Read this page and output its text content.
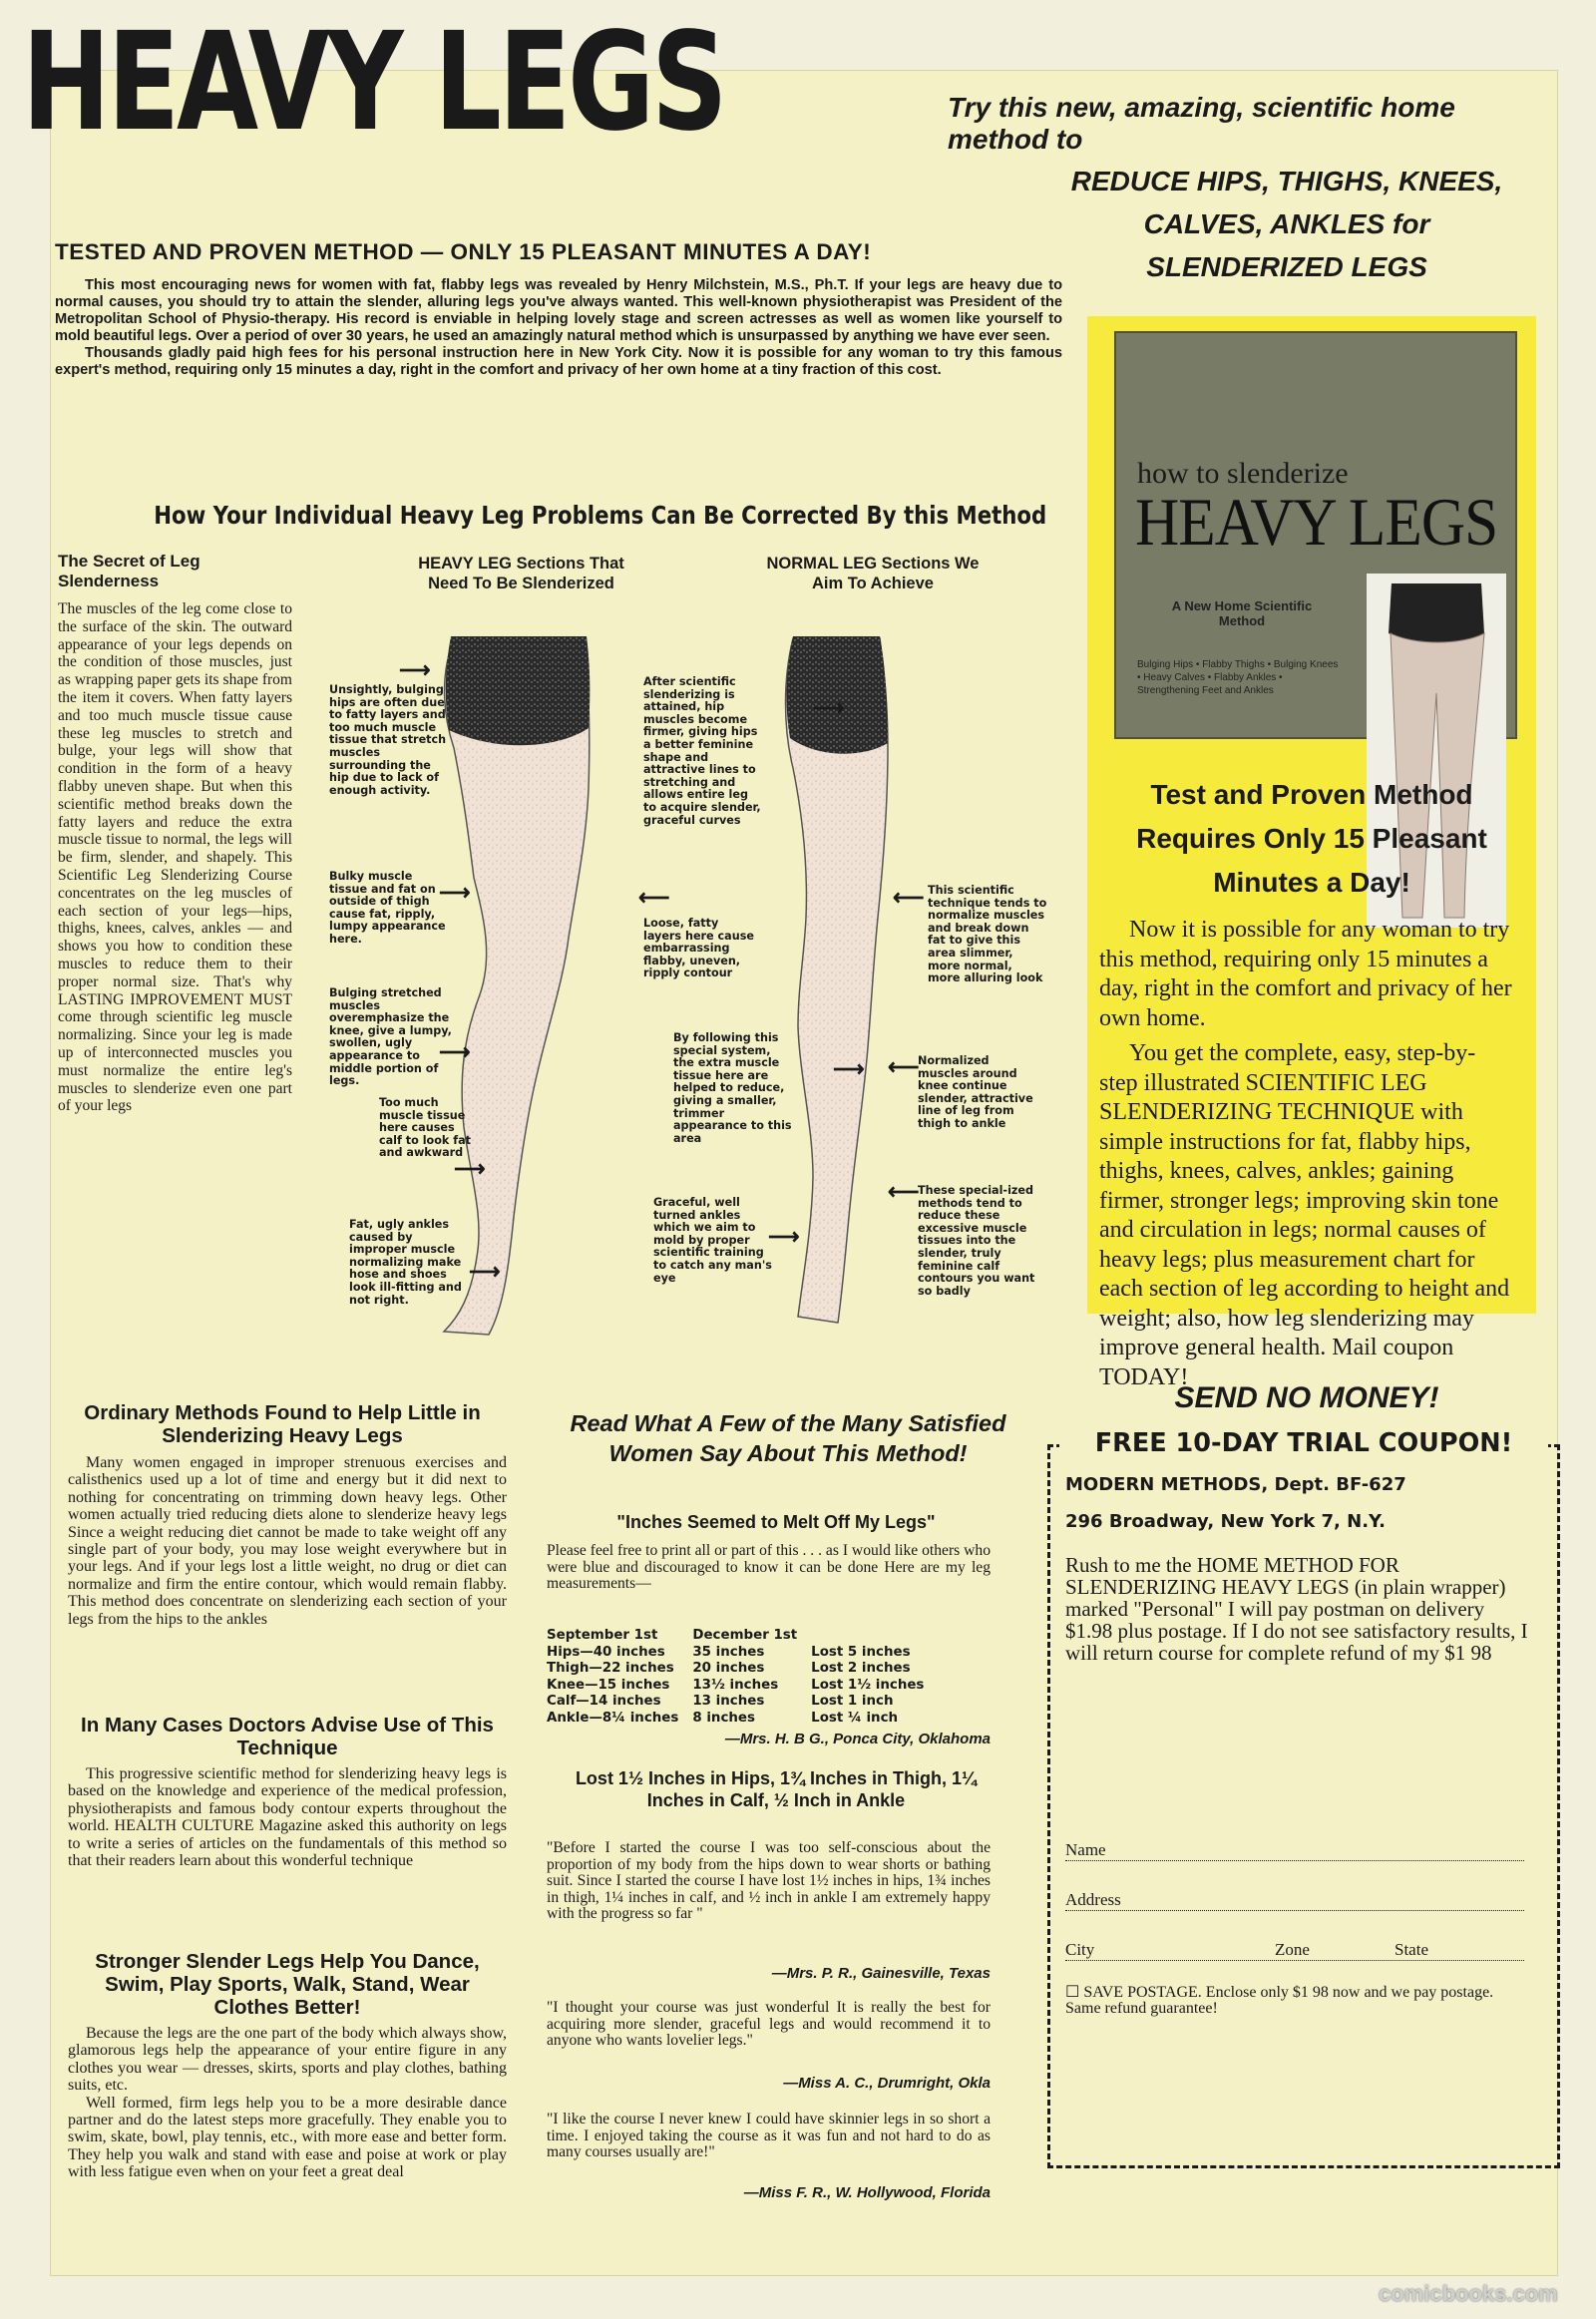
HEAVY LEGS	Try this new, amazing, scientific home method to
REDUCE HIPS, THIGHS, KNEES, CALVES, ANKLES for SLENDERIZED LEGS
TESTED AND PROVEN METHOD — ONLY 15 PLEASANT MINUTES A DAY!

This most encouraging news for women with fat, flabby legs was revealed by Henry Milchstein, M.S., Ph.T. If your legs are heavy due to normal causes, you should try to attain the slender, alluring legs you've always wanted. This well-known physiotherapist was President of the Metropolitan School of Physio-therapy. His record is enviable in helping lovely stage and screen actresses as well as women like yourself to mold beautiful legs. Over a period of over 30 years, he used an amazingly natural method which is unsurpassed by anything we have ever seen.

Thousands gladly paid high fees for his personal instruction here in New York City. Now it is possible for any woman to try this famous expert's method, requiring only 15 minutes a day, right in the comfort and privacy of her own home at a tiny fraction of this cost.

How Your Individual Heavy Leg Problems Can Be Corrected By this Method
The Secret of Leg Slenderness
The muscles of the leg come close to the surface of the skin. The outward appearance of your legs depends on the condition of those muscles, just as wrapping paper gets its shape from the item it covers. When fatty layers and too much muscle tissue cause these leg muscles to stretch and bulge, your legs will show that condition in the form of a heavy flabby uneven shape. But when this scientific method breaks down the fatty layers and reduce the extra muscle tissue to normal, the legs will be firm, slender, and shapely. This Scientific Leg Slenderizing Course concentrates on the leg muscles of each section of your legs—hips, thighs, knees, calves, ankles — and shows you how to condition these muscles to reduce them to their proper normal size. That's why LASTING IMPROVEMENT MUST come through scientific leg muscle normalizing. Since your leg is made up of interconnected muscles you must normalize the entire leg's muscles to slenderize even one part of your legs
HEAVY LEG Sections That Need To Be Slenderized
NORMAL LEG Sections We Aim To Achieve
Unsightly, bulging hips are often due to fatty layers and too much muscle tissue that stretch muscles surrounding the hip due to lack of enough activity.
Bulky muscle tissue and fat on outside of thigh cause fat, ripply, lumpy appearance here.
Bulging stretched muscles overemphasize the knee, give a lumpy, swollen, ugly appearance to middle portion of legs.
Too much muscle tissue here causes calf to look fat and awkward
Fat, ugly ankles caused by improper muscle normalizing make hose and shoes look ill-fitting and not right.
After scientific slenderizing is attained, hip muscles become firmer, giving hips a better feminine shape and attractive lines to stretching and allows entire leg to acquire slender, graceful curves
Loose, fatty layers here cause embarrassing flabby, uneven, ripply contour
By following this special system, the extra muscle tissue here are helped to reduce, giving a smaller, trimmer appearance to this area
Graceful, well turned ankles which we aim to mold by proper scientific training to catch any man's eye
This scientific technique tends to normalize muscles and break down fat to give this area slimmer, more normal, more alluring look
Normalized muscles around knee continue slender, attractive line of leg from thigh to ankle
These special-ized methods tend to reduce these excessive muscle tissues into the slender, truly feminine calf contours you want so badly
⟶
⟶
⟶
⟶
⟶
⟵
⟶
⟶
⟵
⟵
⟵
⟶
how to slenderize
HEAVY LEGS
A New Home Scientific Method
Bulging Hips • Flabby Thighs • Bulging Knees • Heavy Calves • Flabby Ankles • Strengthening Feet and Ankles
Test and Proven Method Requires Only 15 Pleasant Minutes a Day!

Now it is possible for any woman to try this method, requiring only 15 minutes a day, right in the comfort and privacy of her own home.

You get the complete, easy, step-by-step illustrated SCIENTIFIC LEG SLENDERIZING TECHNIQUE with simple instructions for fat, flabby hips, thighs, knees, calves, ankles; gaining firmer, stronger legs; improving skin tone and circulation in legs; normal causes of heavy legs; plus measurement chart for each section of leg according to height and weight; also, how leg slenderizing may improve general health. Mail coupon TODAY!

SEND NO MONEY!
FREE 10-DAY TRIAL COUPON!
MODERN METHODS, Dept. BF-627
296 Broadway, New York 7, N.Y.
Rush to me the HOME METHOD FOR SLENDERIZING HEAVY LEGS (in plain wrapper) marked "Personal" I will pay postman on delivery $1.98 plus postage. If I do not see satisfactory results, I will return course for complete refund of my $1 98
Name
Address
City	Zone	State
☐ SAVE POSTAGE. Enclose only $1 98 now and we pay postage. Same refund guarantee!
Ordinary Methods Found to Help Little in Slenderizing Heavy Legs

Many women engaged in improper strenuous exercises and calisthenics used up a lot of time and energy but it did next to nothing for concentrating on trimming down heavy legs. Other women actually tried reducing diets alone to slenderize heavy legs Since a weight reducing diet cannot be made to take weight off any single part of your body, you may lose weight everywhere but in your legs. And if your legs lost a little weight, no drug or diet can normalize and firm the entire contour, which would remain flabby. This method does concentrate on slenderizing each section of your legs from the hips to the ankles

In Many Cases Doctors Advise Use of This Technique

This progressive scientific method for slenderizing heavy legs is based on the knowledge and experience of the medical profession, physiotherapists and famous body contour experts throughout the world. HEALTH CULTURE Magazine asked this authority on legs to write a series of articles on the fundamentals of this method so that their readers learn about this wonderful technique

Stronger Slender Legs Help You Dance, Swim, Play Sports, Walk, Stand, Wear Clothes Better!

Because the legs are the one part of the body which always show, glamorous legs help the appearance of your entire figure in any clothes you wear — dresses, skirts, sports and play clothes, bathing suits, etc.

Well formed, firm legs help you to be a more desirable dance partner and do the latest steps more gracefully. They enable you to swim, skate, bowl, play tennis, etc., with more ease and better form. They help you walk and stand with ease and poise at work or play with less fatigue even when on your feet a great deal

Read What A Few of the Many Satisfied Women Say About This Method!
"Inches Seemed to Melt Off My Legs"
Please feel free to print all or part of this . . . as I would like others who were blue and discouraged to know it can be done Here are my leg measurements—
September 1st	December 1st	
Hips—40 inches	35 inches	Lost 5 inches
Thigh—22 inches	20 inches	Lost 2 inches
Knee—15 inches	13½ inches	Lost 1½ inches
Calf—14 inches	13 inches	Lost 1 inch
Ankle—8¼ inches	8 inches	Lost ¼ inch
—Mrs. H. B G., Ponca City, Oklahoma
Lost 1½ Inches in Hips, 1¾ Inches in Thigh, 1¼ Inches in Calf, ½ Inch in Ankle
"Before I started the course I was too self-conscious about the proportion of my body from the hips down to wear shorts or bathing suit. Since I started the course I have lost 1½ inches in hips, 1¾ inches in thigh, 1¼ inches in calf, and ½ inch in ankle I am extremely happy with the progress so far "
—Mrs. P. R., Gainesville, Texas
"I thought your course was just wonderful It is really the best for acquiring more slender, graceful legs and would recommend it to anyone who wants lovelier legs."
—Miss A. C., Drumright, Okla
"I like the course I never knew I could have skinnier legs in so short a time. I enjoyed taking the course as it was fun and not hard to do as many courses usually are!"
—Miss F. R., W. Hollywood, Florida
comicbooks.com
